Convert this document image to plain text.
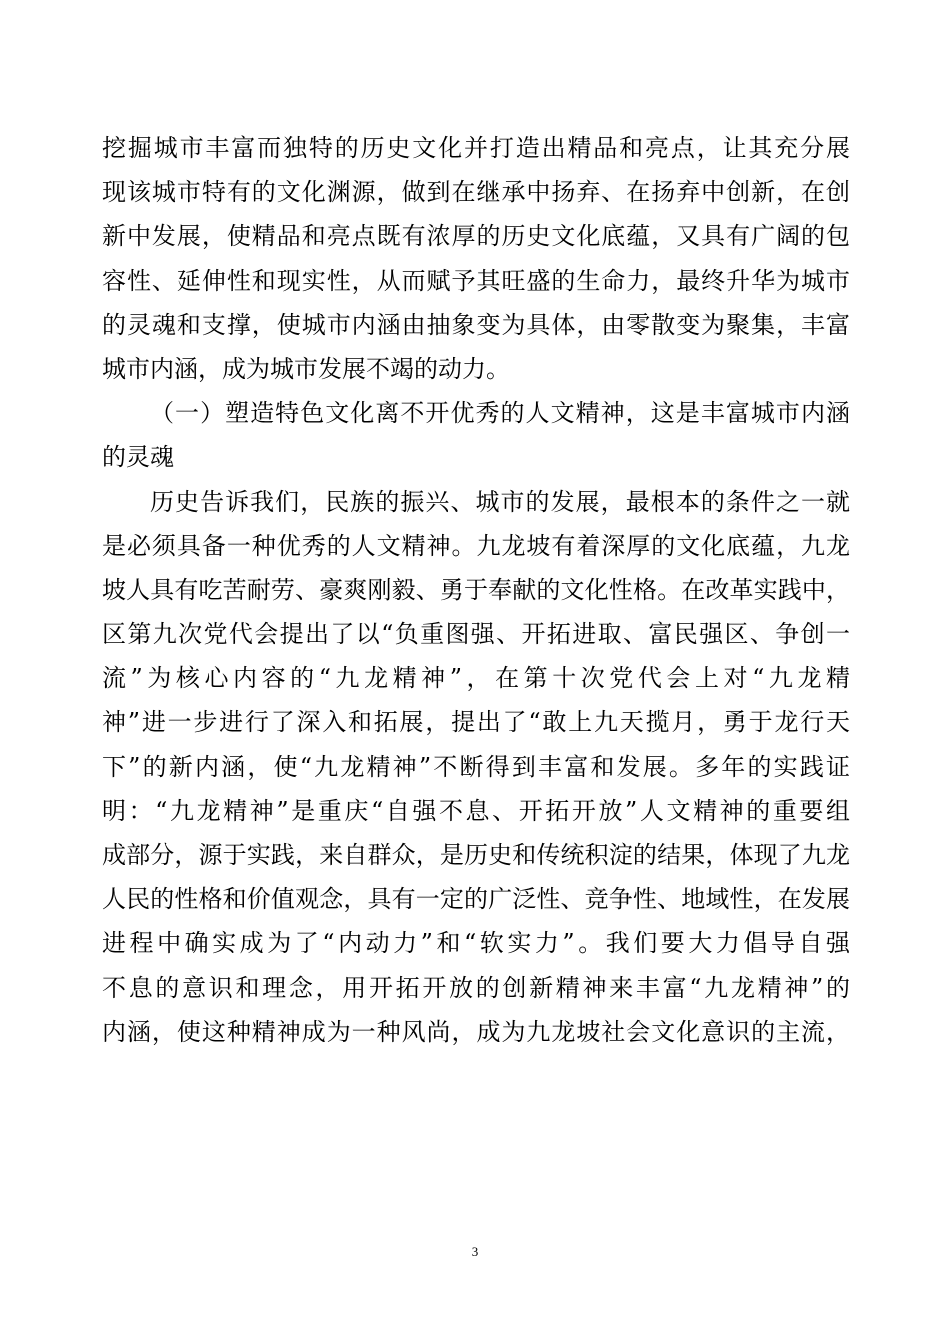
挖掘城市丰富而独特的历史文化并打造出精品和亮点，让其充分展
现该城市特有的文化渊源，做到在继承中扬弃、在扬弃中创新，在创
新中发展，使精品和亮点既有浓厚的历史文化底蕴，又具有广阔的包
容性、延伸性和现实性，从而赋予其旺盛的生命力，最终升华为城市
的灵魂和支撑，使城市内涵由抽象变为具体，由零散变为聚集，丰富
城市内涵，成为城市发展不竭的动力。
（一）塑造特色文化离不开优秀的人文精神，这是丰富城市内涵
的灵魂
历史告诉我们，民族的振兴、城市的发展，最根本的条件之一就
是必须具备一种优秀的人文精神。九龙坡有着深厚的文化底蕴，九龙
坡人具有吃苦耐劳、豪爽刚毅、勇于奉献的文化性格。在改革实践中，
区第九次党代会提出了以“负重图强、开拓进取、富民强区、争创一
流”为核心内容的“九龙精神”，在第十次党代会上对“九龙精
神”进一步进行了深入和拓展，提出了“敢上九天揽月，勇于龙行天
下”的新内涵，使“九龙精神”不断得到丰富和发展。多年的实践证
明：“九龙精神”是重庆“自强不息、开拓开放”人文精神的重要组
成部分，源于实践，来自群众，是历史和传统积淀的结果，体现了九龙
人民的性格和价值观念，具有一定的广泛性、竞争性、地域性，在发展
进程中确实成为了“内动力”和“软实力”。我们要大力倡导自强
不息的意识和理念，用开拓开放的创新精神来丰富“九龙精神”的
内涵，使这种精神成为一种风尚，成为九龙坡社会文化意识的主流，
3
